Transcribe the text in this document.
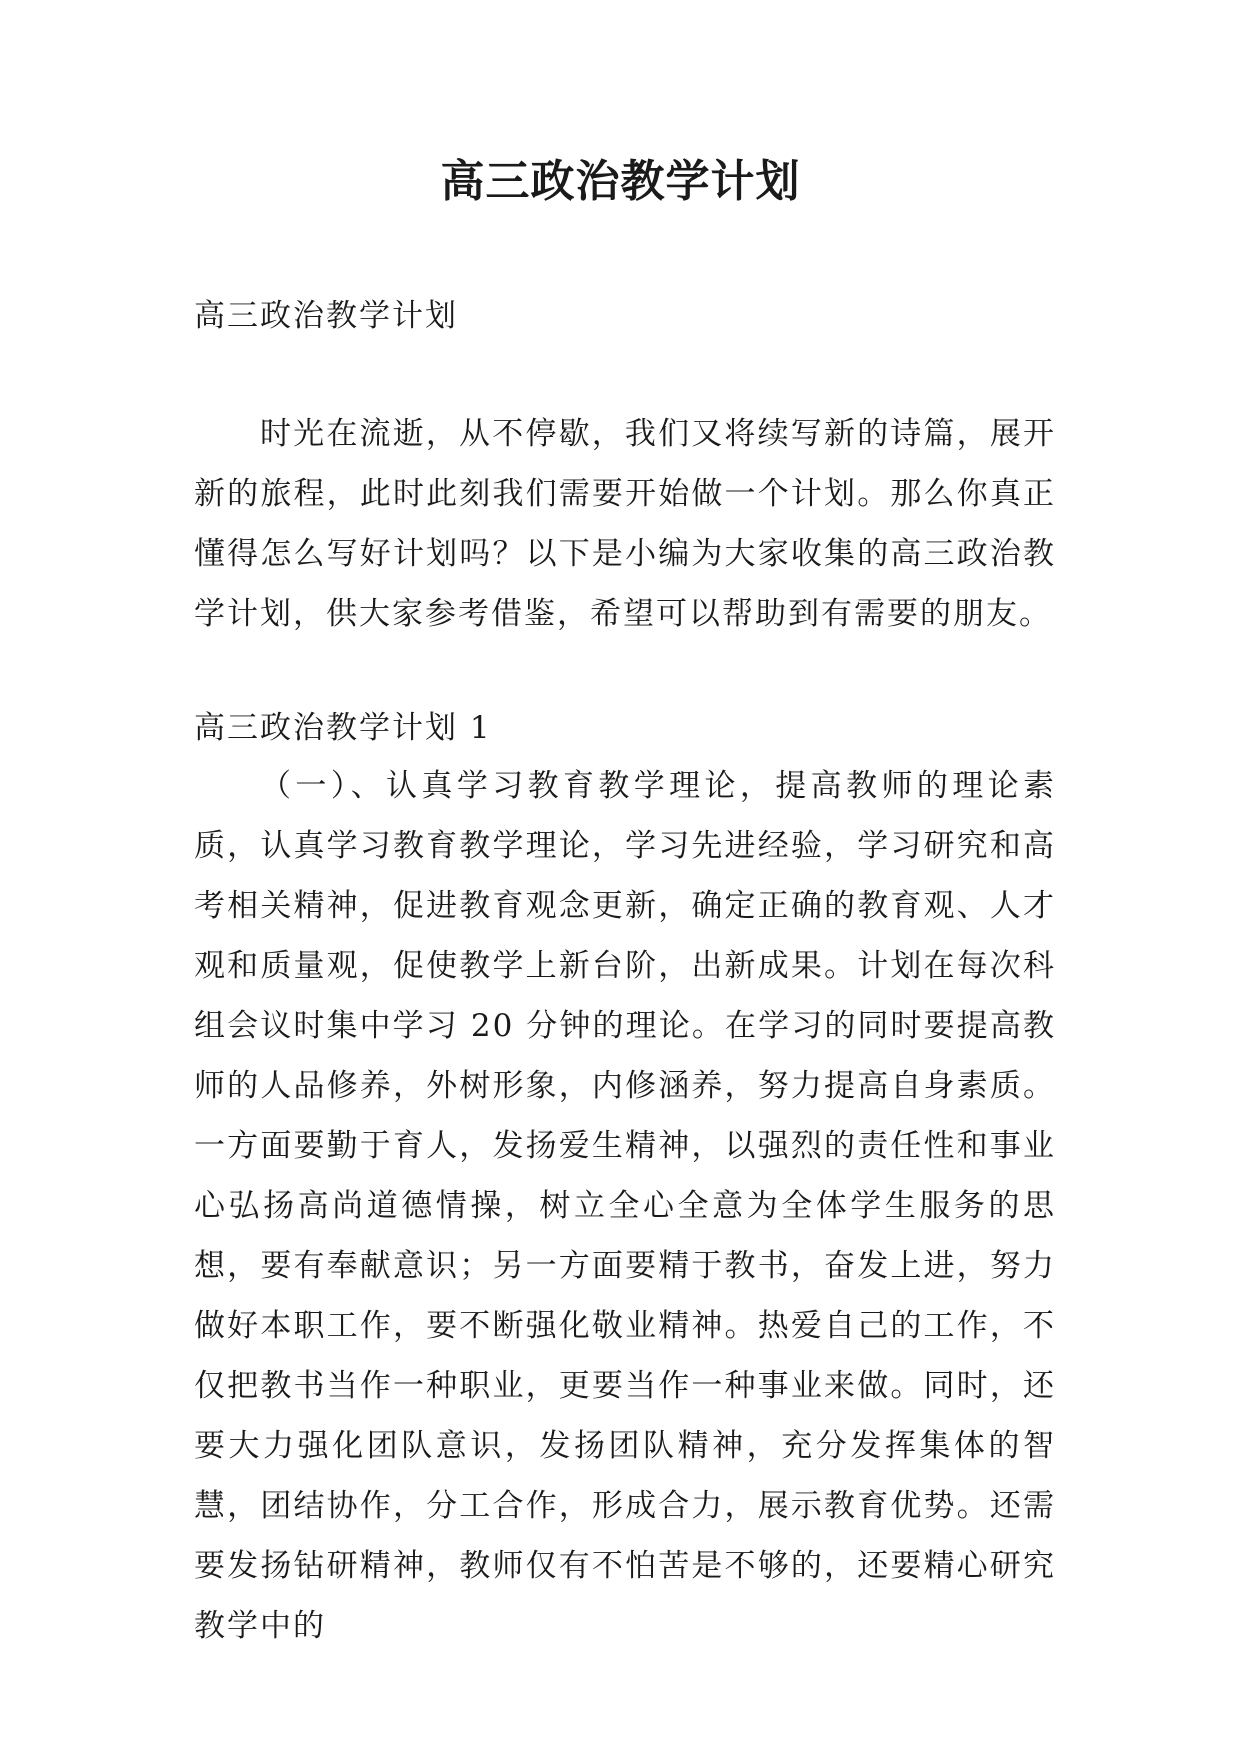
高三政治教学计划

高三政治教学计划

时光在流逝，从不停歇，我们又将续写新的诗篇，展开新的旅程，此时此刻我们需要开始做一个计划。那么你真正懂得怎么写好计划吗？以下是小编为大家收集的高三政治教学计划，供大家参考借鉴，希望可以帮助到有需要的朋友。

高三政治教学计划 1

（一）、认真学习教育教学理论，提高教师的理论素质，认真学习教育教学理论，学习先进经验，学习研究和高考相关精神，促进教育观念更新，确定正确的教育观、人才观和质量观，促使教学上新台阶，出新成果。计划在每次科组会议时集中学习 20 分钟的理论。在学习的同时要提高教师的人品修养，外树形象，内修涵养，努力提高自身素质。一方面要勤于育人，发扬爱生精神，以强烈的责任性和事业心弘扬高尚道德情操，树立全心全意为全体学生服务的思想，要有奉献意识；另一方面要精于教书，奋发上进，努力做好本职工作，要不断强化敬业精神。热爱自己的工作，不仅把教书当作一种职业，更要当作一种事业来做。同时，还要大力强化团队意识，发扬团队精神，充分发挥集体的智慧，团结协作，分工合作，形成合力，展示教育优势。还需要发扬钻研精神，教师仅有不怕苦是不够的，还要精心研究教学中的
